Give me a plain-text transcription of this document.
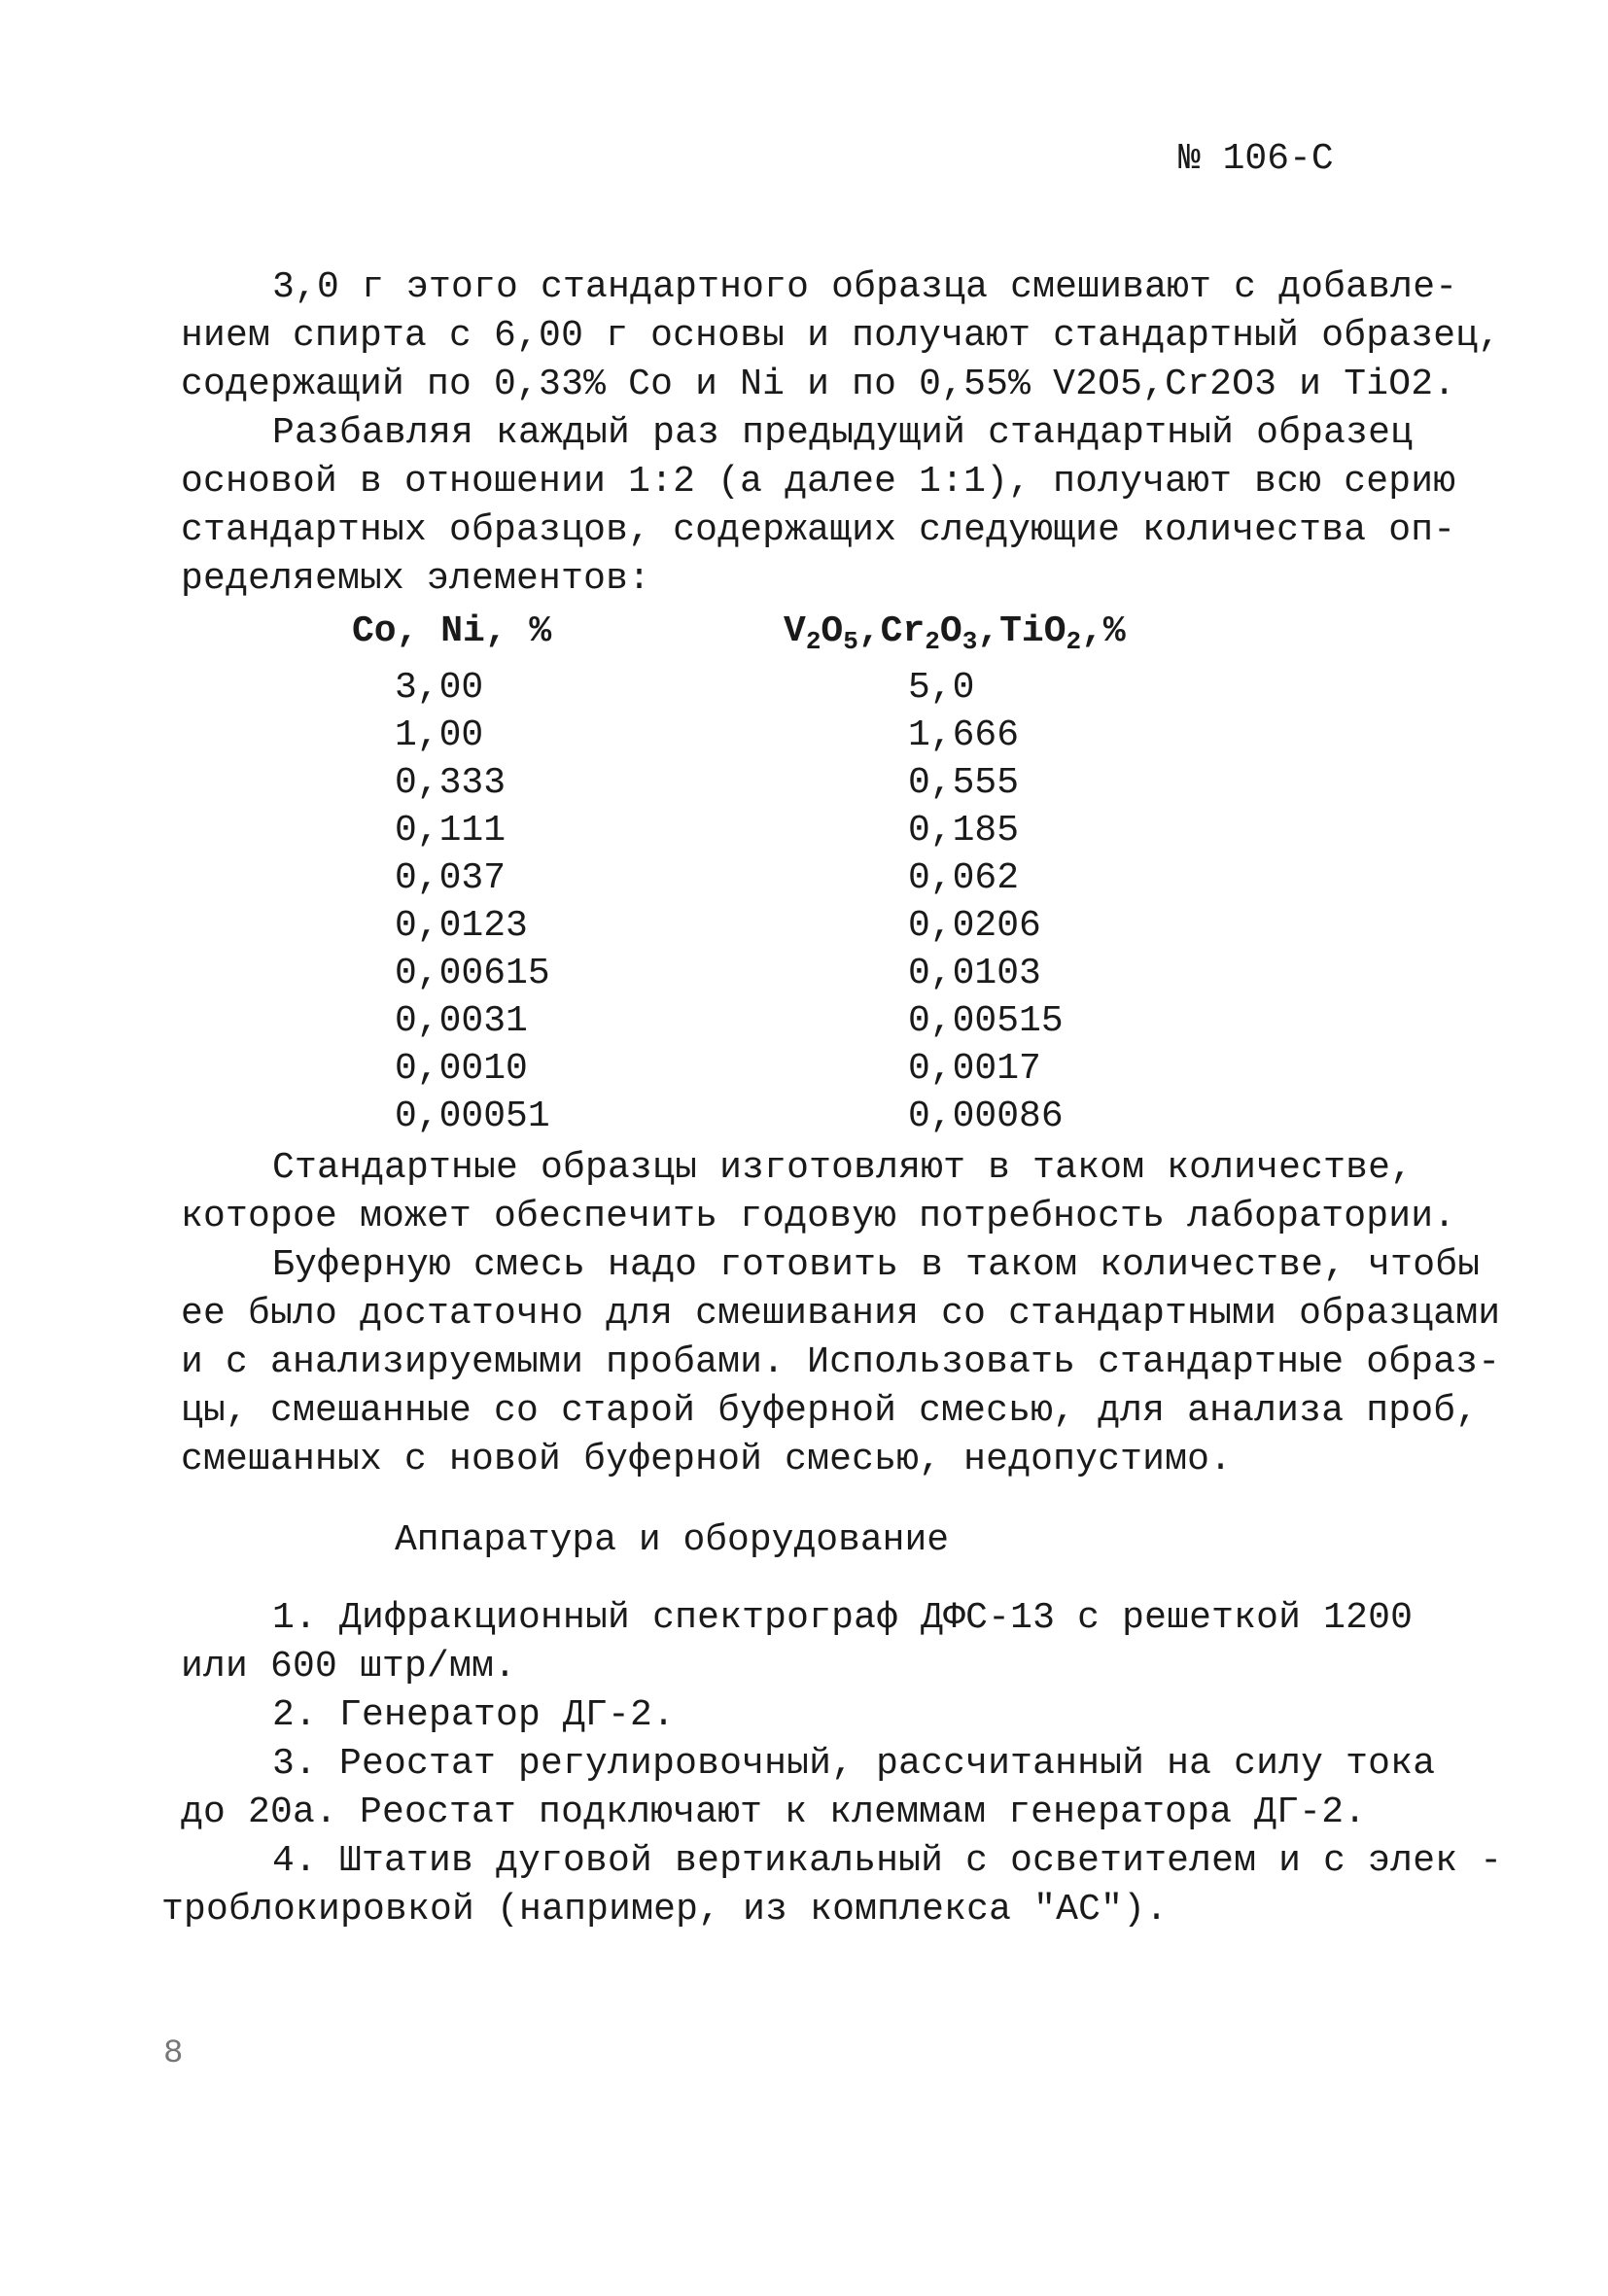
№ 106-С

3,0 г этого стандартного образца смешивают с добавле-

нием спирта с 6,00 г основы и получают стандартный образец,

содержащий по 0,33% Co и Ni и по 0,55% V2O5,Cr2O3 и TiO2.

Разбавляя каждый раз предыдущий стандартный образец

основой в отношении 1:2 (а далее 1:1), получают всю серию

стандартных образцов, содержащих следующие количества оп-

ределяемых элементов:

Co, Ni, %	$V_2O_5,Cr_2O_3,TiO_2,\%$

3,00	5,0

1,00	1,666

0,333	0,555

0,111	0,185

0,037	0,062

0,0123	0,0206

0,00615	0,0103

0,0031	0,00515

0,0010	0,0017

0,00051	0,00086

Стандартные образцы изготовляют в таком количестве,

которое может обеспечить годовую потребность лаборатории.

Буферную смесь надо готовить в таком количестве, чтобы

ее было достаточно для смешивания со стандартными образцами

и с анализируемыми пробами. Использовать стандартные образ-

цы, смешанные со старой буферной смесью, для анализа проб,

смешанных с новой буферной смесью, недопустимо.

Аппаратура и оборудование

1. Дифракционный спектрограф ДФС-13 с решеткой 1200

или 600 штр/мм.

2. Генератор ДГ-2.

3. Реостат регулировочный, рассчитанный на силу тока

до 20а. Реостат подключают к клеммам генератора ДГ-2.

4. Штатив дуговой вертикальный с осветителем и с элек -

троблокировкой (например, из комплекса "АС").

8
